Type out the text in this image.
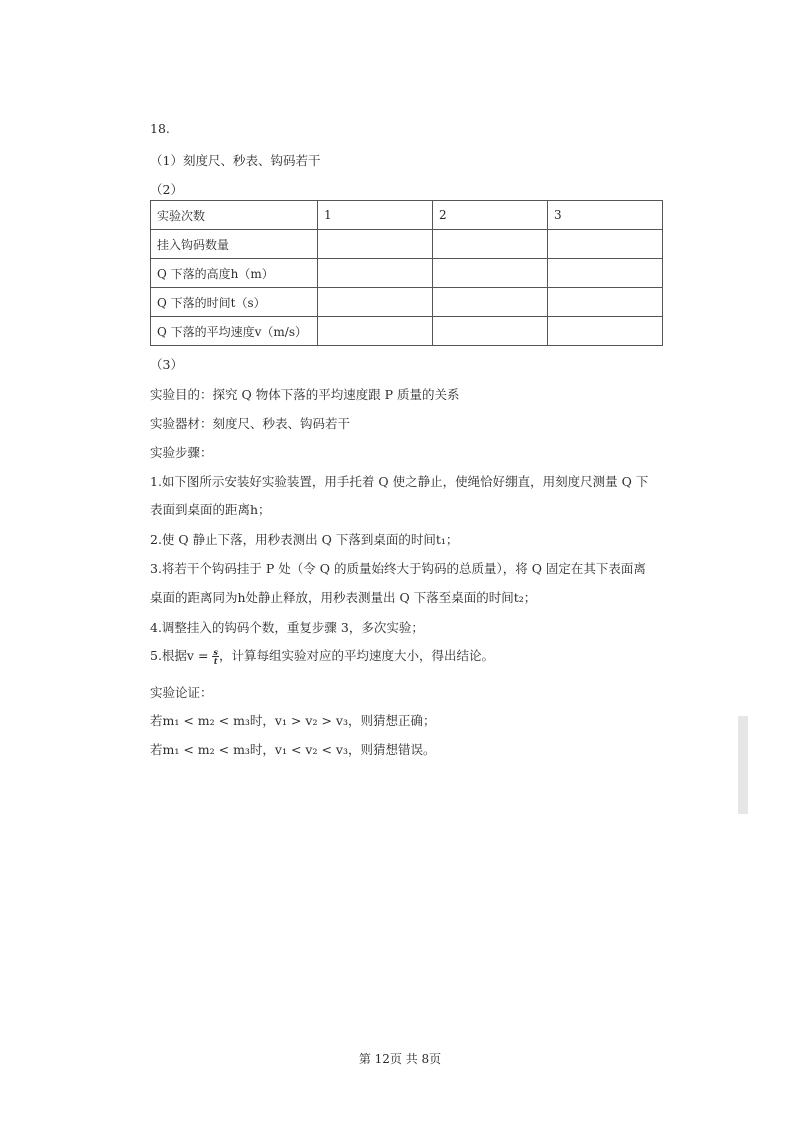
18.
（1）刻度尺、秒表、钩码若干
（2）
实验次数	1	2	3
挂入钩码数量			
Q 下落的高度h（m）			
Q 下落的时间t（s）			
Q 下落的平均速度v（m/s）			
（3）
实验目的：探究 Q 物体下落的平均速度跟 P 质量的关系
实验器材：刻度尺、秒表、钩码若干
实验步骤：
1.如下图所示安装好实验装置，用手托着 Q 使之静止，使绳恰好绷直，用刻度尺测量 Q 下
表面到桌面的距离h；
2.使 Q 静止下落，用秒表测出 Q 下落到桌面的时间t₁；
3.将若干个钩码挂于 P 处（令 Q 的质量始终大于钩码的总质量），将 Q 固定在其下表面离
桌面的距离同为h处静止释放，用秒表测量出 Q 下落至桌面的时间t₂；
4.调整挂入的钩码个数，重复步骤 3，多次实验；
5.根据$v = \frac{s}{t}$ ，计算每组实验对应的平均速度大小，得出结论。
实验论证：
若m₁ < m₂ < m₃时，v₁ > v₂ > v₃，则猜想正确；
若m₁ < m₂ < m₃时，v₁ < v₂ < v₃，则猜想错误。
第 12页 共 8页
